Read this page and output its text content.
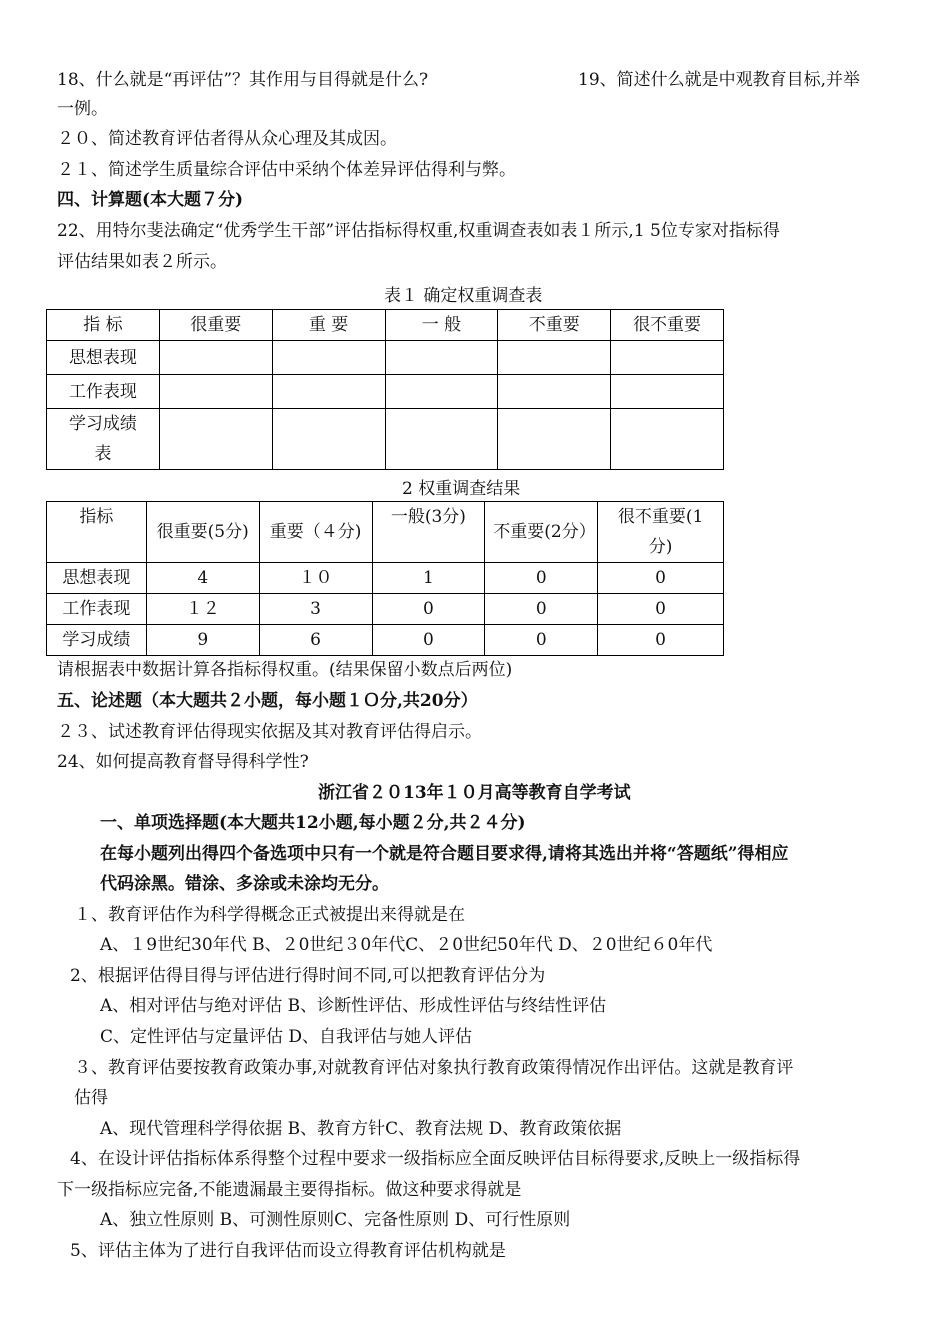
18、什么就是“再评估”？其作用与目得就是什么?	19、简述什么就是中观教育目标,并举
一例。
２０、简述教育评估者得从众心理及其成因。
２１、简述学生质量综合评估中采纳个体差异评估得利与弊。
四、计算题(本大题７分)
22、用特尔斐法确定“优秀学生干部”评估指标得权重,权重调查表如表１所示,1 5位专家对指标得
评估结果如表２所示。
表１ 确定权重调查表
指 标	很重要	重 要	一 般	不重要	很不重要
思想表现					
工作表现					
学习成绩表					
2 权重调查结果
指标	很重要(5分)	重要（４分)	一般(3分)	不重要(2分）	很不重要(1分)
思想表现	4	１０	1	0	0
工作表现	１２	3	0	0	0
学习成绩	9	6	0	0	0
请根据表中数据计算各指标得权重。(结果保留小数点后两位)
五、论述题（本大题共２小题，每小题１Ｏ分,共20分）
２３、试述教育评估得现实依据及其对教育评估得启示。
24、如何提高教育督导得科学性?
浙江省２０13年１０月高等教育自学考试
一、单项选择题(本大题共12小题,每小题２分,共２４分)
在每小题列出得四个备选项中只有一个就是符合题目要求得,请将其选出并将“答题纸”得相应
代码涂黑。错涂、多涂或未涂均无分。
１、教育评估作为科学得概念正式被提出来得就是在
A、１9世纪30年代 B、２0世纪３0年代C、２0世纪50年代 D、２0世纪６0年代
2、根据评估得目得与评估进行得时间不同,可以把教育评估分为
A、相对评估与绝对评估 B、诊断性评估、形成性评估与终结性评估
C、定性评估与定量评估 D、自我评估与她人评估
３、教育评估要按教育政策办事,对就教育评估对象执行教育政策得情况作出评估。这就是教育评
估得
A、现代管理科学得依据 B、教育方针C、教育法规 D、教育政策依据
4、在设计评估指标体系得整个过程中要求一级指标应全面反映评估目标得要求,反映上一级指标得
下一级指标应完备,不能遗漏最主要得指标。做这种要求得就是
A、独立性原则 B、可测性原则C、完备性原则 D、可行性原则
5、评估主体为了进行自我评估而设立得教育评估机构就是
